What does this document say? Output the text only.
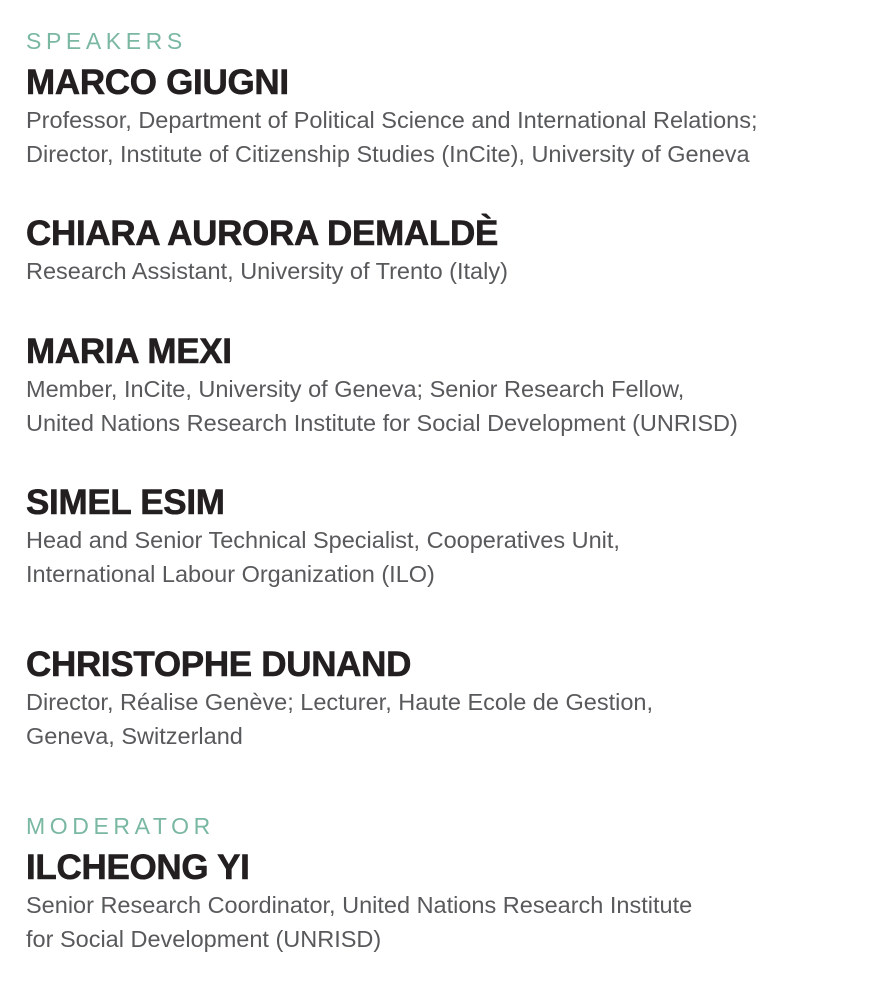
SPEAKERS
MARCO GIUGNI
Professor, Department of Political Science and International Relations;
Director, Institute of Citizenship Studies (InCite), University of Geneva
CHIARA AURORA DEMALDÈ
Research Assistant, University of Trento (Italy)
MARIA MEXI
Member, InCite, University of Geneva; Senior Research Fellow,
United Nations Research Institute for Social Development (UNRISD)
SIMEL ESIM
Head and Senior Technical Specialist, Cooperatives Unit,
International Labour Organization (ILO)
CHRISTOPHE DUNAND
Director, Réalise Genève; Lecturer, Haute Ecole de Gestion,
Geneva, Switzerland
MODERATOR
ILCHEONG YI
Senior Research Coordinator, United Nations Research Institute
for Social Development (UNRISD)
